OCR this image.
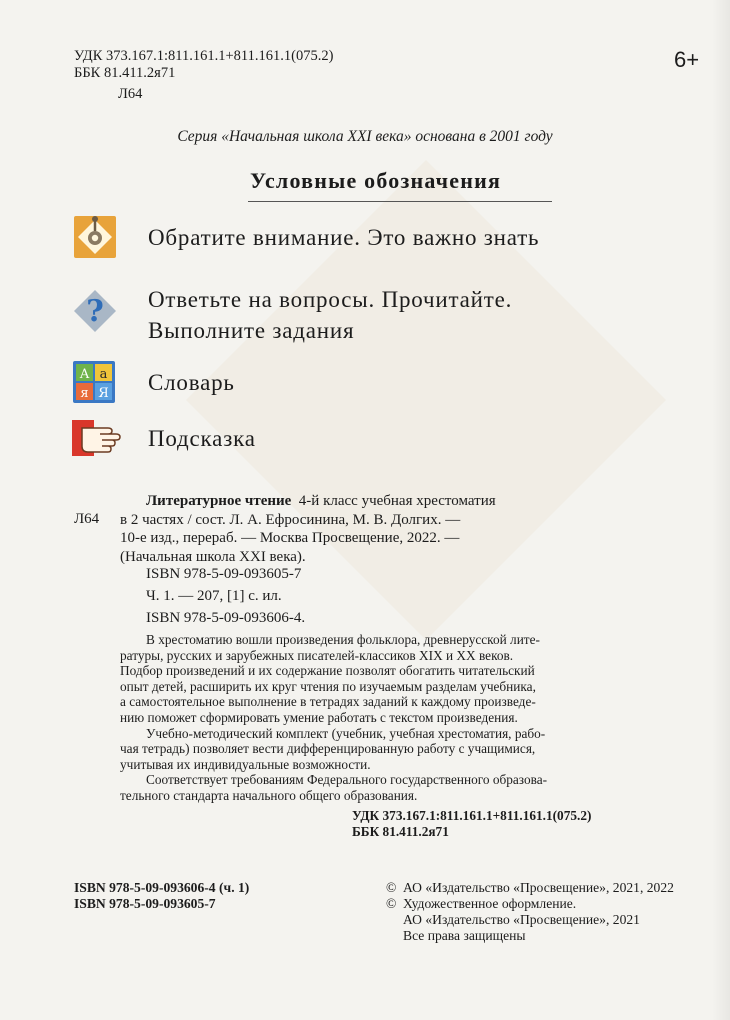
УДК 373.167.1:811.161.1+811.161.1(075.2)
ББК 81.411.2я71
Л64
6+
Серия «Начальная школа XXI века» основана в 2001 году
Условные обозначения
Обратите внимание. Это важно знать
? Ответьте на вопросы. Прочитайте.
Выполните задания
А а
я Я Словарь
Подсказка
Л64
Литературное чтение 4-й класс учебная хрестоматия
в 2 частях / сост. Л. А. Ефросинина, М. В. Долгих. —
10-е изд., перераб. — Москва Просвещение, 2022. —
(Начальная школа XXI века).
ISBN 978-5-09-093605-7
Ч. 1. — 207, [1] с. ил.
ISBN 978-5-09-093606-4.

В хрестоматию вошли произведения фольклора, древнерусской лите-

ратуры, русских и зарубежных писателей-классиков XIX и XX веков.

Подбор произведений и их содержание позволят обогатить читательский

опыт детей, расширить их круг чтения по изучаемым разделам учебника,

а самостоятельное выполнение в тетрадях заданий к каждому произведе-

нию поможет сформировать умение работать с текстом произведения.

Учебно-методический комплект (учебник, учебная хрестоматия, рабо-

чая тетрадь) позволяет вести дифференцированную работу с учащимися,

учитывая их индивидуальные возможности.

Соответствует требованиям Федерального государственного образова-

тельного стандарта начального общего образования.

УДК 373.167.1:811.161.1+811.161.1(075.2)
ББК 81.411.2я71
ISBN 978-5-09-093606-4 (ч. 1)
ISBN 978-5-09-093605-7
© АО «Издательство «Просвещение», 2021, 2022
© Художественное оформление.
АО «Издательство «Просвещение», 2021
Все права защищены
